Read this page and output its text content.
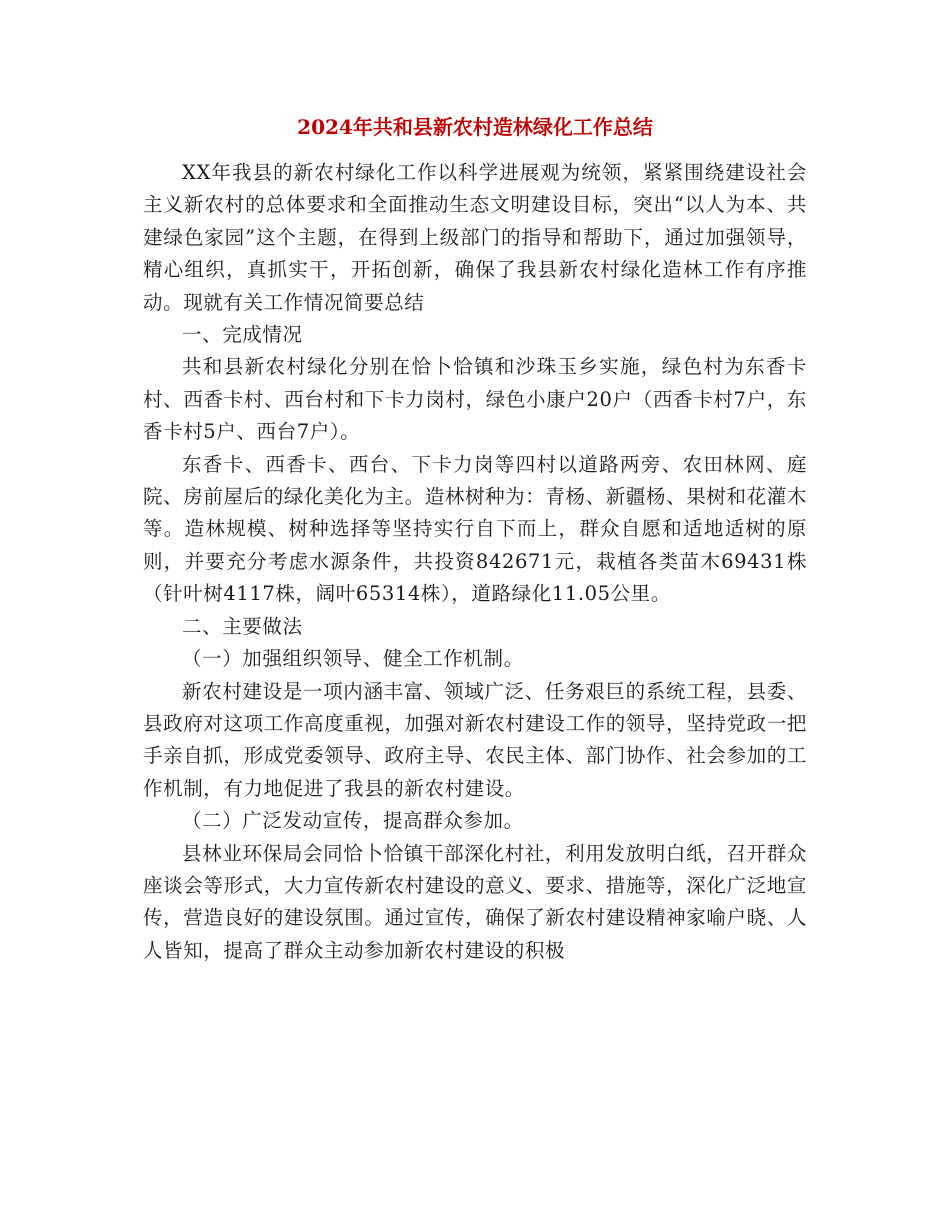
2024年共和县新农村造林绿化工作总结

XX年我县的新农村绿化工作以科学进展观为统领，紧紧围绕建设社会主义新农村的总体要求和全面推动生态文明建设目标，突出“以人为本、共建绿色家园”这个主题，在得到上级部门的指导和帮助下，通过加强领导，精心组织，真抓实干，开拓创新，确保了我县新农村绿化造林工作有序推动。现就有关工作情况简要总结

一、完成情况

共和县新农村绿化分别在恰卜恰镇和沙珠玉乡实施，绿色村为东香卡村、西香卡村、西台村和下卡力岗村，绿色小康户20户（西香卡村7户，东香卡村5户、西台7户）。

东香卡、西香卡、西台、下卡力岗等四村以道路两旁、农田林网、庭院、房前屋后的绿化美化为主。造林树种为：青杨、新疆杨、果树和花灌木等。造林规模、树种选择等坚持实行自下而上，群众自愿和适地适树的原则，并要充分考虑水源条件，共投资842671元，栽植各类苗木69431株（针叶树4117株，阔叶65314株），道路绿化11.05公里。

二、主要做法

（一）加强组织领导、健全工作机制。

新农村建设是一项内涵丰富、领域广泛、任务艰巨的系统工程，县委、县政府对这项工作高度重视，加强对新农村建设工作的领导，坚持党政一把手亲自抓，形成党委领导、政府主导、农民主体、部门协作、社会参加的工作机制，有力地促进了我县的新农村建设。

（二）广泛发动宣传，提高群众参加。

县林业环保局会同恰卜恰镇干部深化村社，利用发放明白纸，召开群众座谈会等形式，大力宣传新农村建设的意义、要求、措施等，深化广泛地宣传，营造良好的建设氛围。通过宣传，确保了新农村建设精神家喻户晓、人人皆知，提高了群众主动参加新农村建设的积极
